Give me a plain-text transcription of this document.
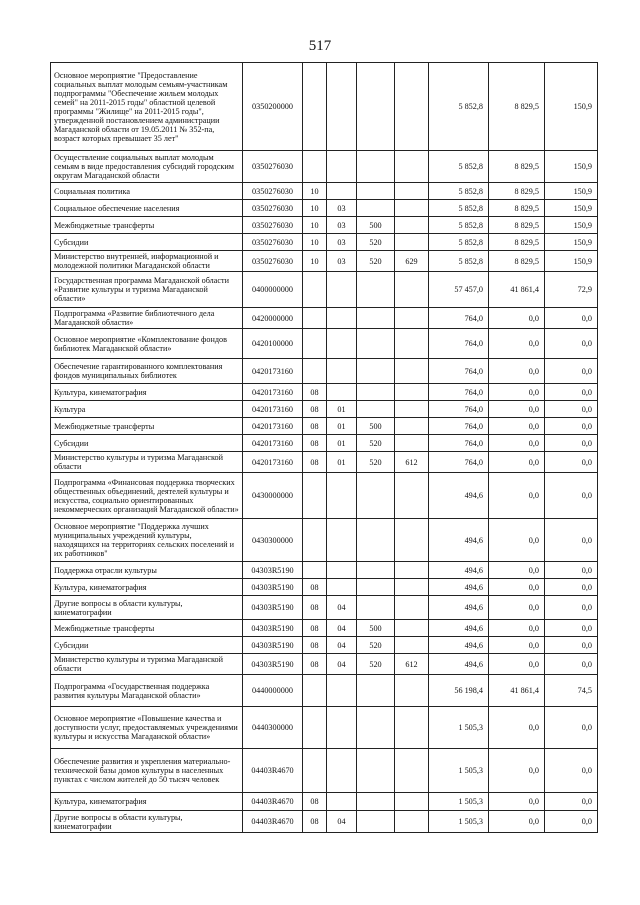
517
Основное мероприятие "Предоставление социальных выплат молодым семьям-участникам подпрограммы "Обеспечение жильем молодых семей" на 2011-2015 годы" областной целевой программы "Жилище" на 2011-2015 годы", утвержденной постановлением администрации Магаданской области от 19.05.2011 № 352-па, возраст которых превышает 35 лет"	0350200000					5 852,8	8 829,5	150,9
Осуществление социальных выплат молодым семьям в виде предоставления субсидий городским округам Магаданской области	0350276030					5 852,8	8 829,5	150,9
Социальная политика	0350276030	10				5 852,8	8 829,5	150,9
Социальное обеспечение населения	0350276030	10	03			5 852,8	8 829,5	150,9
Межбюджетные трансферты	0350276030	10	03	500		5 852,8	8 829,5	150,9
Субсидии	0350276030	10	03	520		5 852,8	8 829,5	150,9
Министерство внутренней, информационной и молодежной политики Магаданской области	0350276030	10	03	520	629	5 852,8	8 829,5	150,9
Государственная программа Магаданской области «Развитие культуры и туризма Магаданской области»	0400000000					57 457,0	41 861,4	72,9
Подпрограмма «Развитие библиотечного дела Магаданской области»	0420000000					764,0	0,0	0,0
Основное мероприятие «Комплектование фондов библиотек Магаданской области»	0420100000					764,0	0,0	0,0
Обеспечение гарантированного комплектования фондов муниципальных библиотек	0420173160					764,0	0,0	0,0
Культура, кинематография	0420173160	08				764,0	0,0	0,0
Культура	0420173160	08	01			764,0	0,0	0,0
Межбюджетные трансферты	0420173160	08	01	500		764,0	0,0	0,0
Субсидии	0420173160	08	01	520		764,0	0,0	0,0
Министерство культуры и туризма Магаданской области	0420173160	08	01	520	612	764,0	0,0	0,0
Подпрограмма «Финансовая поддержка творческих общественных объединений, деятелей культуры и искусства, социально ориентированных некоммерческих организаций Магаданской области»	0430000000					494,6	0,0	0,0
Основное мероприятие "Поддержка лучших муниципальных учреждений культуры, находящихся на территориях сельских поселений и их работников"	0430300000					494,6	0,0	0,0
Поддержка отрасли культуры	04303R5190					494,6	0,0	0,0
Культура, кинематография	04303R5190	08				494,6	0,0	0,0
Другие вопросы в области культуры, кинематографии	04303R5190	08	04			494,6	0,0	0,0
Межбюджетные трансферты	04303R5190	08	04	500		494,6	0,0	0,0
Субсидии	04303R5190	08	04	520		494,6	0,0	0,0
Министерство культуры и туризма Магаданской области	04303R5190	08	04	520	612	494,6	0,0	0,0
Подпрограмма «Государственная поддержка развития культуры Магаданской области»	0440000000					56 198,4	41 861,4	74,5
Основное мероприятие «Повышение качества и доступности услуг, предоставляемых учреждениями культуры и искусства Магаданской области»	0440300000					1 505,3	0,0	0,0
Обеспечение развития и укрепления материально-технической базы домов культуры в населенных пунктах с числом жителей до 50 тысяч человек	04403R4670					1 505,3	0,0	0,0
Культура, кинематография	04403R4670	08				1 505,3	0,0	0,0
Другие вопросы в области культуры, кинематографии	04403R4670	08	04			1 505,3	0,0	0,0
